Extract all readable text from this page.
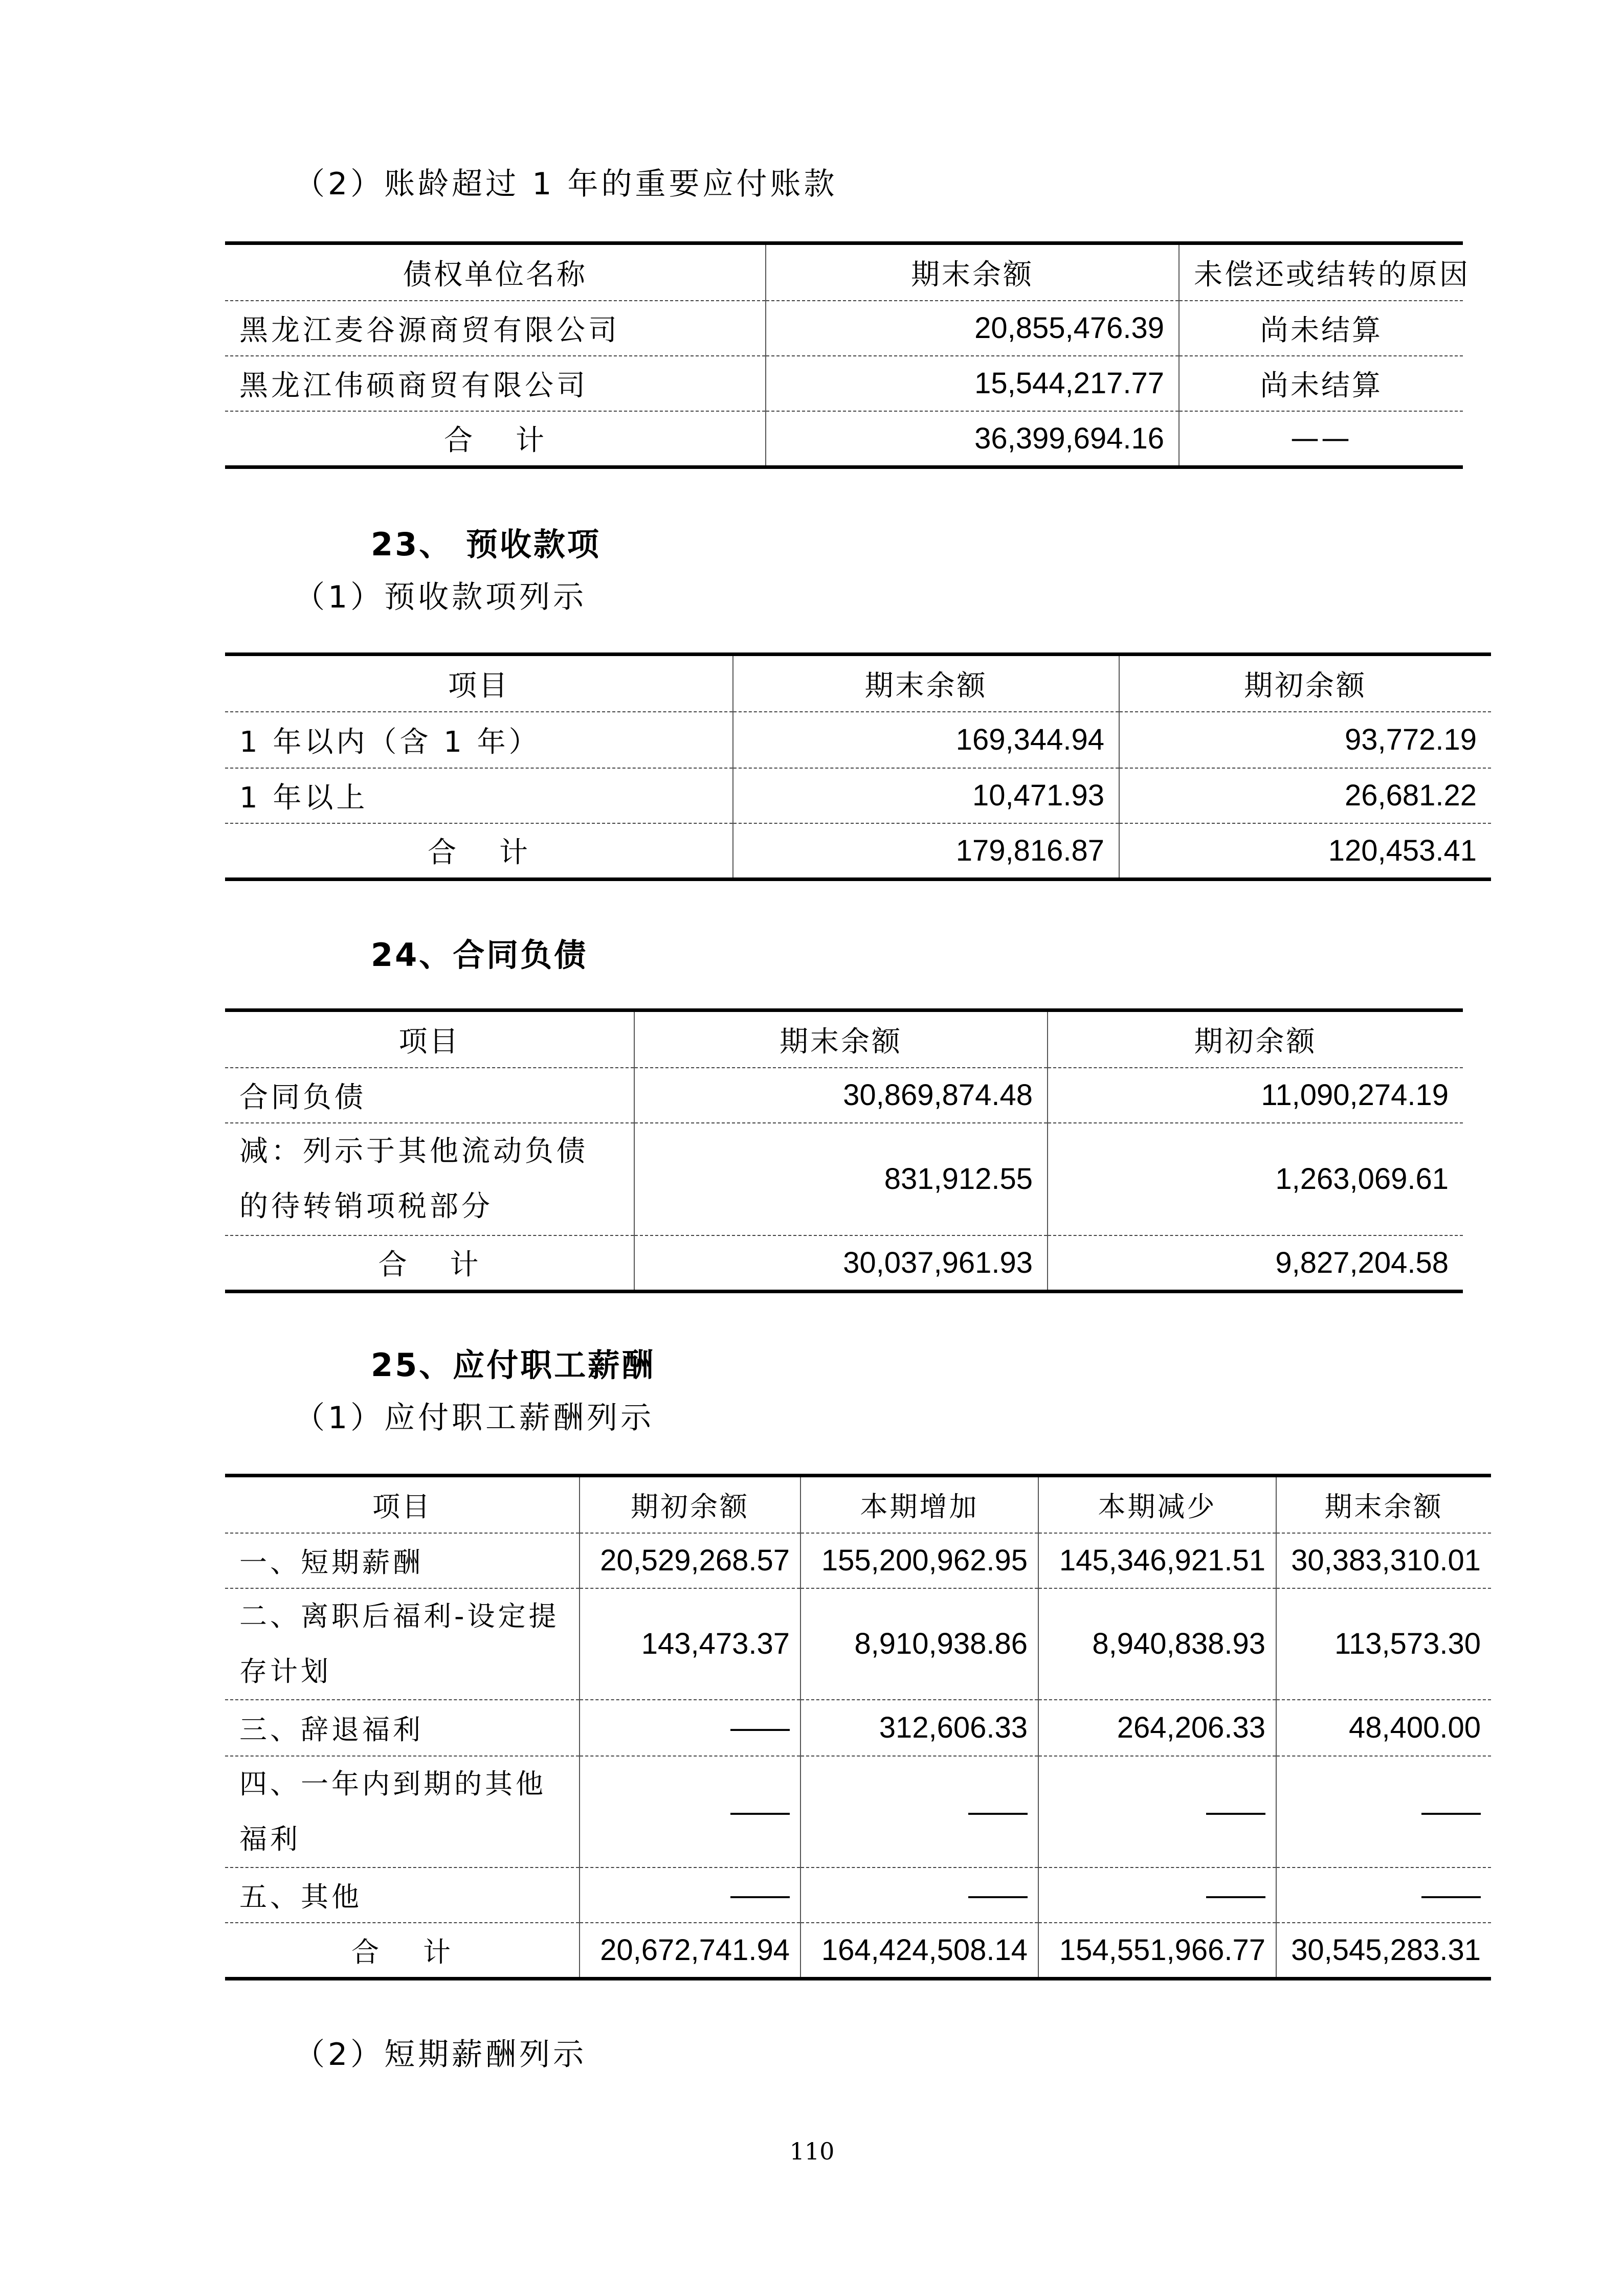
（2）账龄超过 1 年的重要应付账款
债权单位名称	期末余额	未偿还或结转的原因
黑龙江麦谷源商贸有限公司	20,855,476.39	尚未结算
黑龙江伟硕商贸有限公司	15,544,217.77	尚未结算
合 计	36,399,694.16	——
23、 预收款项
（1）预收款项列示
项目	期末余额	期初余额
1 年以内（含 1 年）	169,344.94	93,772.19
1 年以上	10,471.93	26,681.22
合 计	179,816.87	120,453.41
24、合同负债
项目	期末余额	期初余额
合同负债	30,869,874.48	11,090,274.19
减：列示于其他流动负债的待转销项税部分	831,912.55	1,263,069.61
合 计	30,037,961.93	9,827,204.58
25、应付职工薪酬
（1）应付职工薪酬列示
项目	期初余额	本期增加	本期减少	期末余额
一、短期薪酬	20,529,268.57	155,200,962.95	145,346,921.51	30,383,310.01
二、离职后福利-设定提存计划	143,473.37	8,910,938.86	8,940,838.93	113,573.30
三、辞退福利	——	312,606.33	264,206.33	48,400.00
四、一年内到期的其他福利	——	——	——	——
五、其他	——	——	——	——
合 计	20,672,741.94	164,424,508.14	154,551,966.77	30,545,283.31
（2）短期薪酬列示
110
